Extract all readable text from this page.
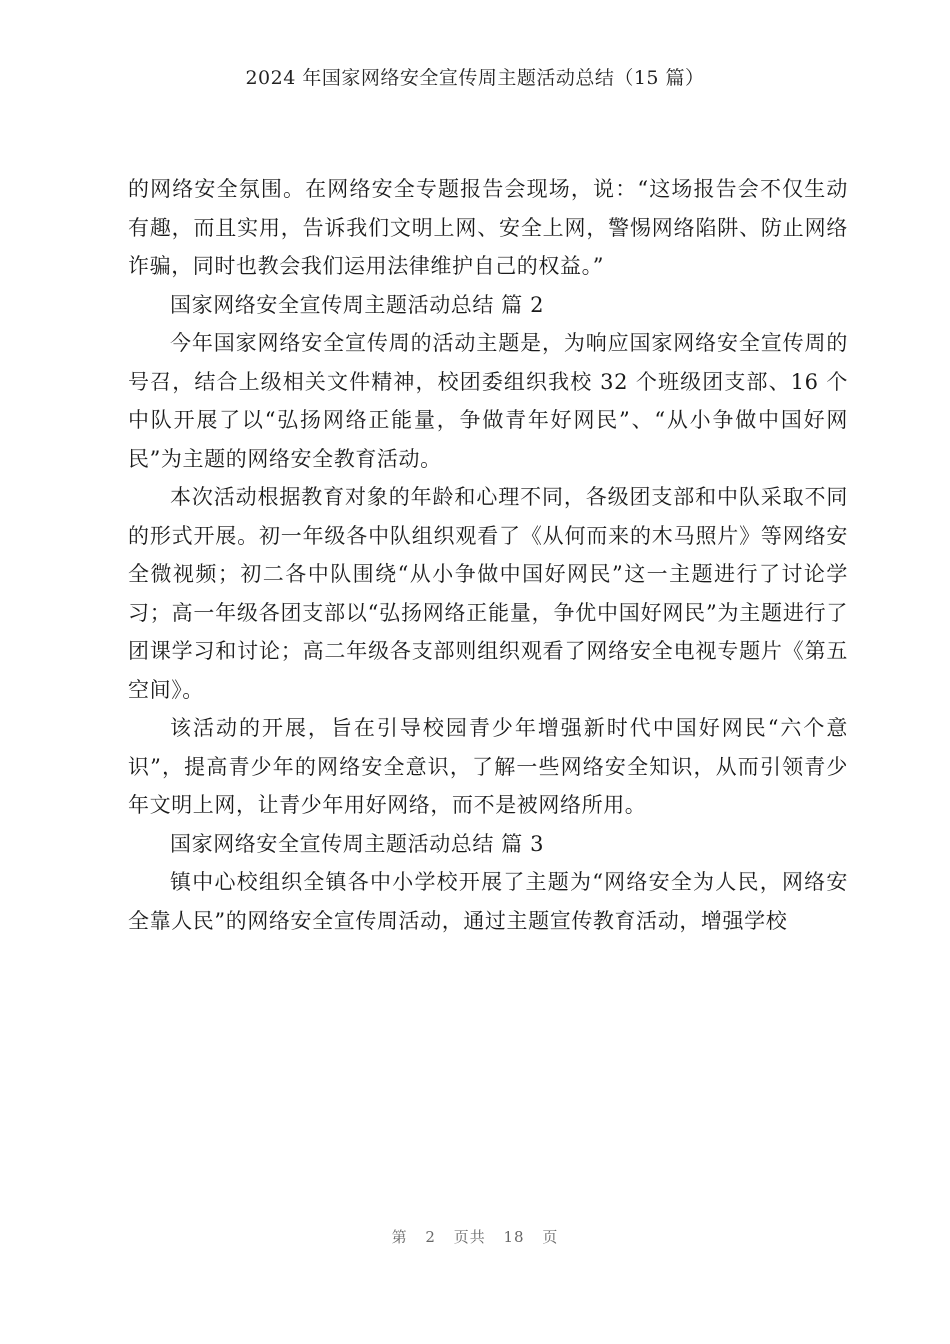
2024 年国家网络安全宣传周主题活动总结（15 篇）

的网络安全氛围。在网络安全专题报告会现场，说：“这场报告会不仅生动有趣，而且实用，告诉我们文明上网、安全上网，警惕网络陷阱、防止网络诈骗，同时也教会我们运用法律维护自己的权益。”

国家网络安全宣传周主题活动总结 篇 2

今年国家网络安全宣传周的活动主题是，为响应国家网络安全宣传周的号召，结合上级相关文件精神，校团委组织我校 32 个班级团支部、16 个中队开展了以“弘扬网络正能量，争做青年好网民”、“从小争做中国好网民”为主题的网络安全教育活动。

本次活动根据教育对象的年龄和心理不同，各级团支部和中队采取不同的形式开展。初一年级各中队组织观看了《从何而来的木马照片》等网络安全微视频；初二各中队围绕“从小争做中国好网民”这一主题进行了讨论学习；高一年级各团支部以“弘扬网络正能量，争优中国好网民”为主题进行了团课学习和讨论；高二年级各支部则组织观看了网络安全电视专题片《第五空间》。

该活动的开展，旨在引导校园青少年增强新时代中国好网民“六个意识”，提高青少年的网络安全意识，了解一些网络安全知识，从而引领青少年文明上网，让青少年用好网络，而不是被网络所用。

国家网络安全宣传周主题活动总结 篇 3

镇中心校组织全镇各中小学校开展了主题为“网络安全为人民，网络安全靠人民”的网络安全宣传周活动，通过主题宣传教育活动，增强学校

第 2 页共 18 页
